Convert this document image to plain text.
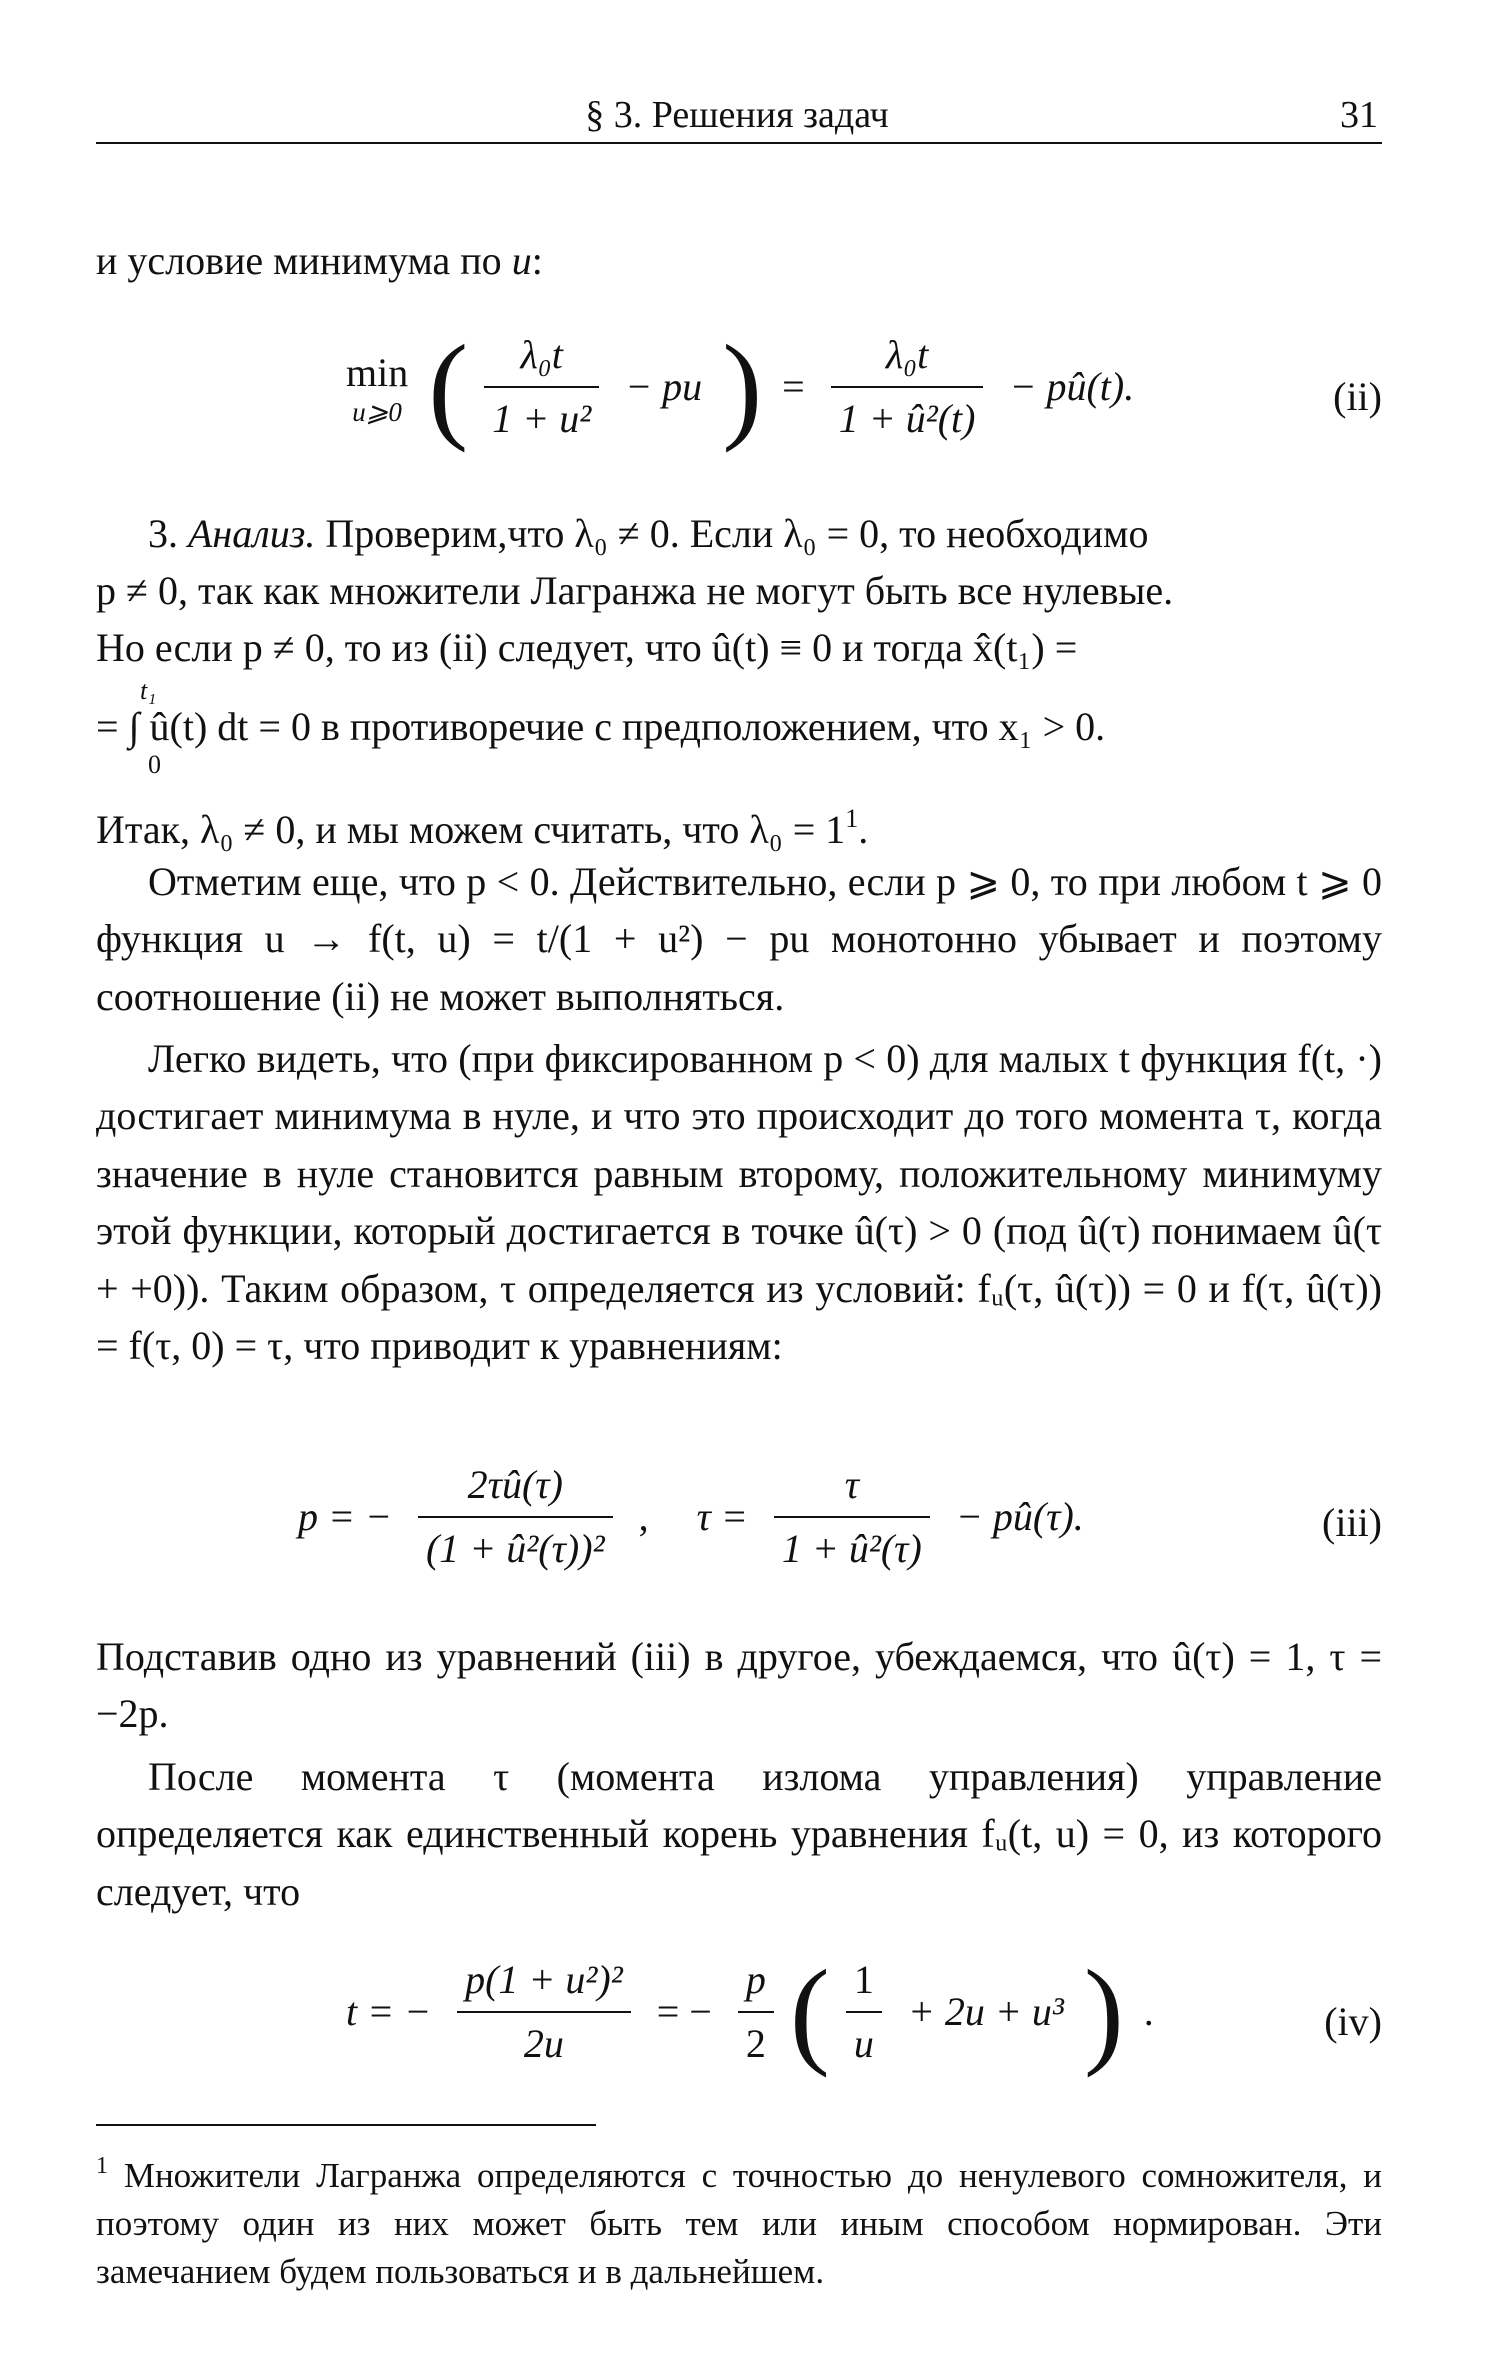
§ 3. Решения задач	31

и условие минимума по u:

min
u⩾0 ( $\frac{\text{λ₀t}}{\text{1 + u²}}$ − pu ) = $\frac{\text{λ₀t}}{\text{1 + û²(t)}}$ − pû(t).	(ii)

3. Анализ. Проверим,что λ₀ ≠ 0. Если λ₀ = 0, то необходимо

p ≠ 0, так как множители Лагранжа не могут быть все нулевые.

Но если p ≠ 0, то из (ii) следует, что û(t) ≡ 0 и тогда x̂(t₁) =

t₁

= ∫ û(t) dt = 0 в противоречие с предположением, что x₁ > 0.

0

Итак, λ₀ ≠ 0, и мы можем считать, что $\lambda_0 = 1^1$.

Отметим еще, что p < 0. Действительно, если p ⩾ 0, то при любом t ⩾ 0 функция u → f(t, u) = t/(1 + u²) − pu монотонно убывает и поэтому соотношение (ii) не может выполняться.

Легко видеть, что (при фиксированном p < 0) для малых t функция f(t, ·) достигает минимума в нуле, и что это происходит до того момента τ, когда значение в нуле становится равным второму, положительному минимуму этой функции, который достигается в точке û(τ) > 0 (под û(τ) понимаем û(τ + +0)). Таким образом, τ определяется из условий: fᵤ(τ, û(τ)) = 0 и f(τ, û(τ)) = f(τ, 0) = τ, что приводит к уравнениям:

p = − $\frac{2\tau û(\tau)}{\text{(1 + û²(τ))²}}$ , $\tau = \frac{\tau}{\text{1 + û²(τ)}}$ − pû(τ).	(iii)

Подставив одно из уравнений (iii) в другое, убеждаемся, что û(τ) = 1, τ = −2p.

После момента τ (момента излома управления) управление определяется как единственный корень уравнения fᵤ(t, u) = 0, из которого следует, что

t = − $\frac{\text{p(1 + u²)²}}{2u}$ = − $\frac{p}{2}$ ( $\frac{1}{u} + 2u + u^3$ ) .	(iv)

$^1$ Множители Лагранжа определяются с точностью до ненулевого сомножителя, и поэтому один из них может быть тем или иным способом нормирован. Эти замечанием будем пользоваться и в дальнейшем.
